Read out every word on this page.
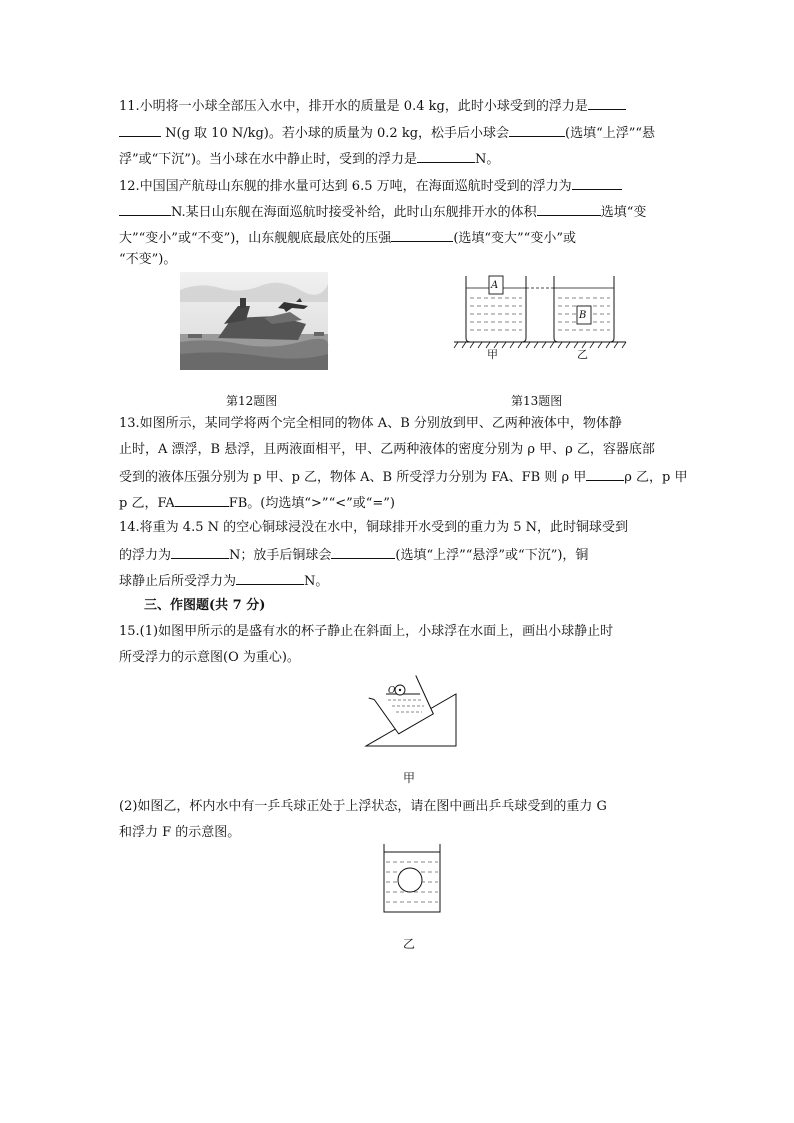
11.小明将一小球全部压入水中，排开水的质量是 0.4 kg，此时小球受到的浮力是
N(g 取 10 N/kg)。若小球的质量为 0.2 kg，松手后小球会	(选填“上浮”“悬
浮”或“下沉”)。当小球在水中静止时，受到的浮力是	N。
12.中国国产航母山东舰的排水量可达到 6.5 万吨，在海面巡航时受到的浮力为
N.某日山东舰在海面巡航时接受补给，此时山东舰排开水的体积	选填“变
大”“变小”或“不变”)，山东舰舰底最底处的压强	(选填“变大”“变小”或
“不变”)。
第12题图
A
B
甲	乙
第13题图
13.如图所示，某同学将两个完全相同的物体 A、B 分别放到甲、乙两种液体中，物体静
止时，A 漂浮，B 悬浮，且两液面相平，甲、乙两种液体的密度分别为 ρ 甲、ρ 乙，容器底部
受到的液体压强分别为 p 甲、p 乙，物体 A、B 所受浮力分别为 FA、FB 则 ρ 甲	ρ 乙，p 甲
p 乙，FA	FB。(均选填“>”“<”或“=”)
14.将重为 4.5 N 的空心铜球浸没在水中，铜球排开水受到的重力为 5 N，此时铜球受到
的浮力为	N；放手后铜球会	(选填“上浮”“悬浮”或“下沉”)，铜
球静止后所受浮力为	N。
三、作图题(共 7 分)
15.(1)如图甲所示的是盛有水的杯子静止在斜面上，小球浮在水面上，画出小球静止时
所受浮力的示意图(O 为重心)。
O
甲
(2)如图乙，杯内水中有一乒乓球正处于上浮状态，请在图中画出乒乓球受到的重力 G
和浮力 F 的示意图。
乙
